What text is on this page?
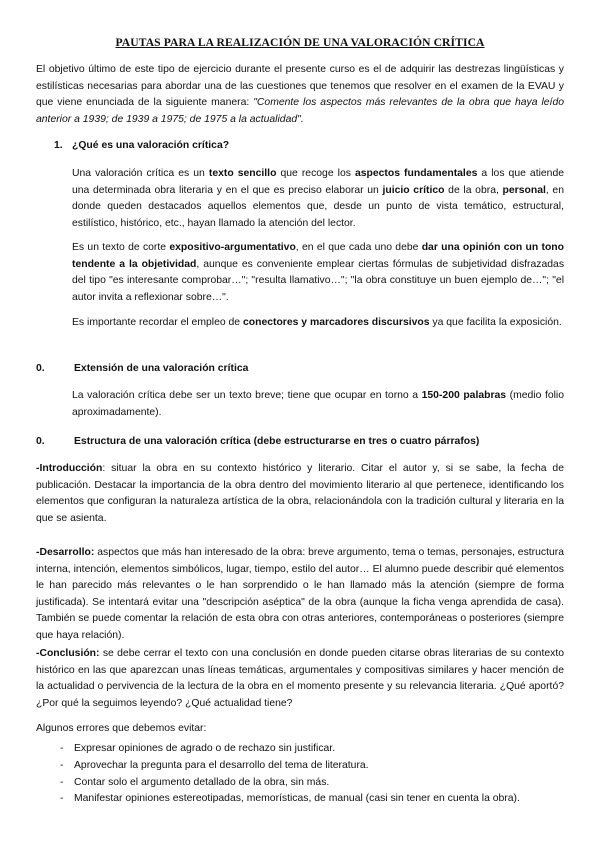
PAUTAS PARA LA REALIZACIÓN DE UNA VALORACIÓN CRÍTICA

El objetivo último de este tipo de ejercicio durante el presente curso es el de adquirir las destrezas lingüísticas y estilísticas necesarias para abordar una de las cuestiones que tenemos que resolver en el examen de la EVAU y que viene enunciada de la siguiente manera: "Comente los aspectos más relevantes de la obra que haya leído anterior a 1939; de 1939 a 1975; de 1975 a la actualidad".

1. ¿Qué es una valoración crítica?

Una valoración crítica es un texto sencillo que recoge los aspectos fundamentales a los que atiende una determinada obra literaria y en el que es preciso elaborar un juicio crítico de la obra, personal, en donde queden destacados aquellos elementos que, desde un punto de vista temático, estructural, estilístico, histórico, etc., hayan llamado la atención del lector.

Es un texto de corte expositivo-argumentativo, en el que cada uno debe dar una opinión con un tono tendente a la objetividad, aunque es conveniente emplear ciertas fórmulas de subjetividad disfrazadas del tipo "es interesante comprobar…"; "resulta llamativo…"; "la obra constituye un buen ejemplo de…"; "el autor invita a reflexionar sobre…".

Es importante recordar el empleo de conectores y marcadores discursivos ya que facilita la exposición.

0.	Extensión de una valoración crítica

La valoración crítica debe ser un texto breve; tiene que ocupar en torno a 150-200 palabras (medio folio aproximadamente).

0.	Estructura de una valoración crítica (debe estructurarse en tres o cuatro párrafos)

-Introducción: situar la obra en su contexto histórico y literario. Citar el autor y, si se sabe, la fecha de publicación. Destacar la importancia de la obra dentro del movimiento literario al que pertenece, identificando los elementos que configuran la naturaleza artística de la obra, relacionándola con la tradición cultural y literaria en la que se asienta.

-Desarrollo: aspectos que más han interesado de la obra: breve argumento, tema o temas, personajes, estructura interna, intención, elementos simbólicos, lugar, tiempo, estilo del autor… El alumno puede describir qué elementos le han parecido más relevantes o le han sorprendido o le han llamado más la atención (siempre de forma justificada). Se intentará evitar una "descripción aséptica" de la obra (aunque la ficha venga aprendida de casa). También se puede comentar la relación de esta obra con otras anteriores, contemporáneas o posteriores (siempre que haya relación).

-Conclusión: se debe cerrar el texto con una conclusión en donde pueden citarse obras literarias de su contexto histórico en las que aparezcan unas líneas temáticas, argumentales y compositivas similares y hacer mención de la actualidad o pervivencia de la lectura de la obra en el momento presente y su relevancia literaria. ¿Qué aportó? ¿Por qué la seguimos leyendo? ¿Qué actualidad tiene?

Algunos errores que debemos evitar:

- Expresar opiniones de agrado o de rechazo sin justificar.
- Aprovechar la pregunta para el desarrollo del tema de literatura.
- Contar solo el argumento detallado de la obra, sin más.
- Manifestar opiniones estereotipadas, memorísticas, de manual (casi sin tener en cuenta la obra).
